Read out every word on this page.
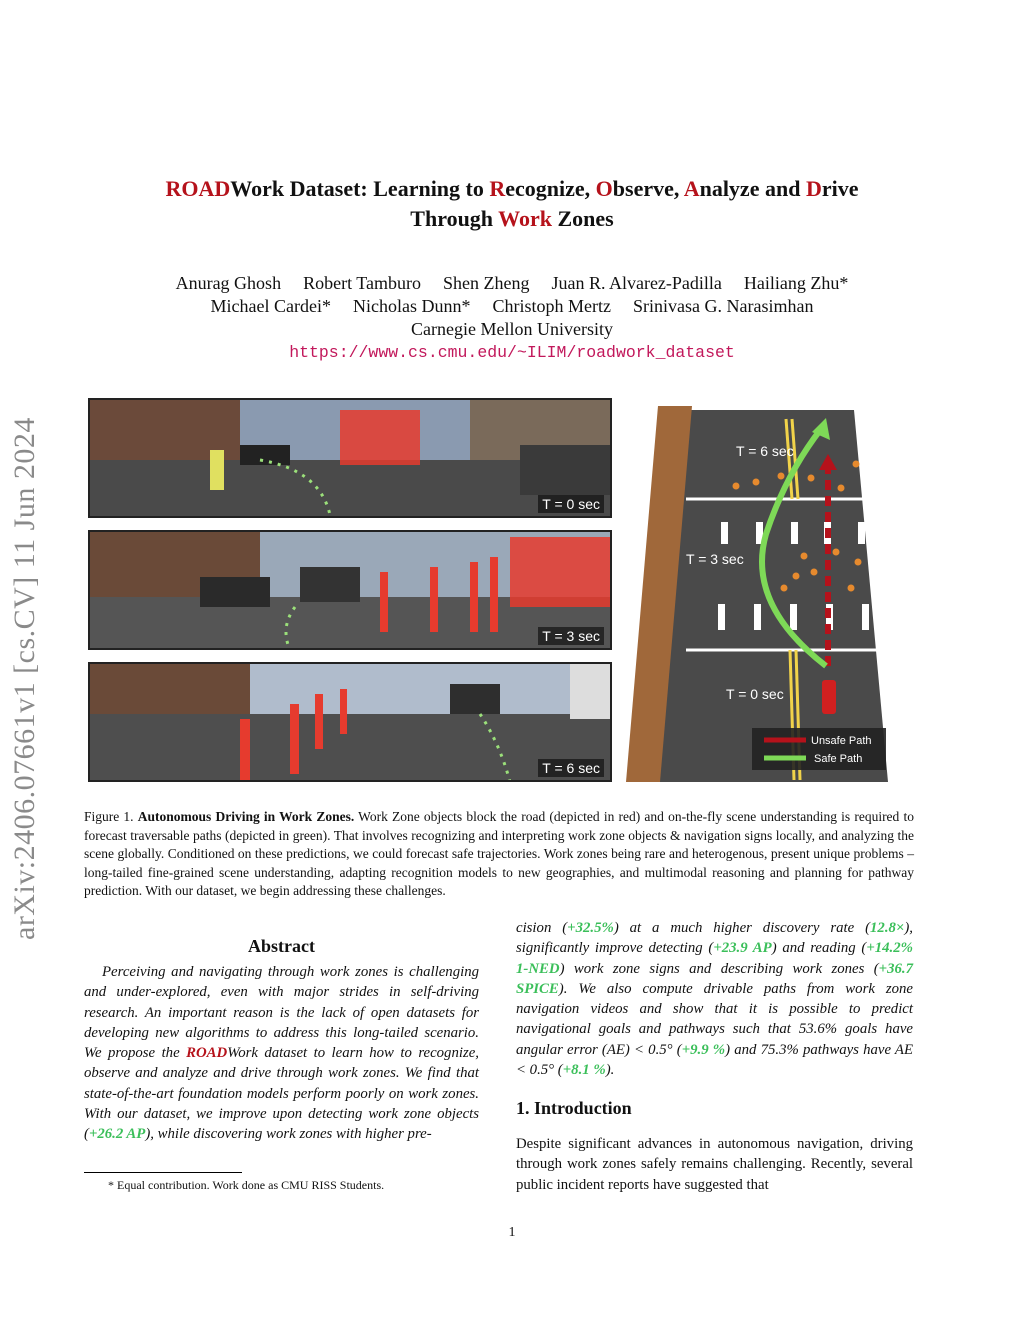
arXiv:2406.07661v1 [cs.CV] 11 Jun 2024
ROADWork Dataset: Learning to Recognize, Observe, Analyze and Drive
Through Work Zones
Anurag Ghosh Robert Tamburo Shen Zheng Juan R. Alvarez-Padilla Hailiang Zhu*
Michael Cardei* Nicholas Dunn* Christoph Mertz Srinivasa G. Narasimhan
Carnegie Mellon University
https://www.cs.cmu.edu/~ILIM/roadwork_dataset
T = 0 sec
T = 3 sec
T = 6 sec
T = 6 sec
T = 3 sec
T = 0 sec
Unsafe Path
Safe Path
Figure 1. Autonomous Driving in Work Zones. Work Zone objects block the road (depicted in red) and on-the-fly scene understanding is required to forecast traversable paths (depicted in green). That involves recognizing and interpreting work zone objects & navigation signs locally, and analyzing the scene globally. Conditioned on these predictions, we could forecast safe trajectories. Work zones being rare and heterogenous, present unique problems – long-tailed fine-grained scene understanding, adapting recognition models to new geographies, and multimodal reasoning and planning for pathway prediction. With our dataset, we begin addressing these challenges.
Abstract
Perceiving and navigating through work zones is challenging and under-explored, even with major strides in self-driving research. An important reason is the lack of open datasets for developing new algorithms to address this long-tailed scenario. We propose the ROADWork dataset to learn how to recognize, observe and analyze and drive through work zones. We find that state-of-the-art foundation models perform poorly on work zones. With our dataset, we improve upon detecting work zone objects (+26.2 AP), while discovering work zones with higher pre-
* Equal contribution. Work done as CMU RISS Students.
cision (+32.5%) at a much higher discovery rate (12.8×), significantly improve detecting (+23.9 AP) and reading (+14.2% 1-NED) work zone signs and describing work zones (+36.7 SPICE). We also compute drivable paths from work zone navigation videos and show that it is possible to predict navigational goals and pathways such that 53.6% goals have angular error (AE) < 0.5° (+9.9 %) and 75.3% pathways have AE < 0.5° (+8.1 %).
1. Introduction
Despite significant advances in autonomous navigation, driving through work zones safely remains challenging. Recently, several public incident reports have suggested that
1
